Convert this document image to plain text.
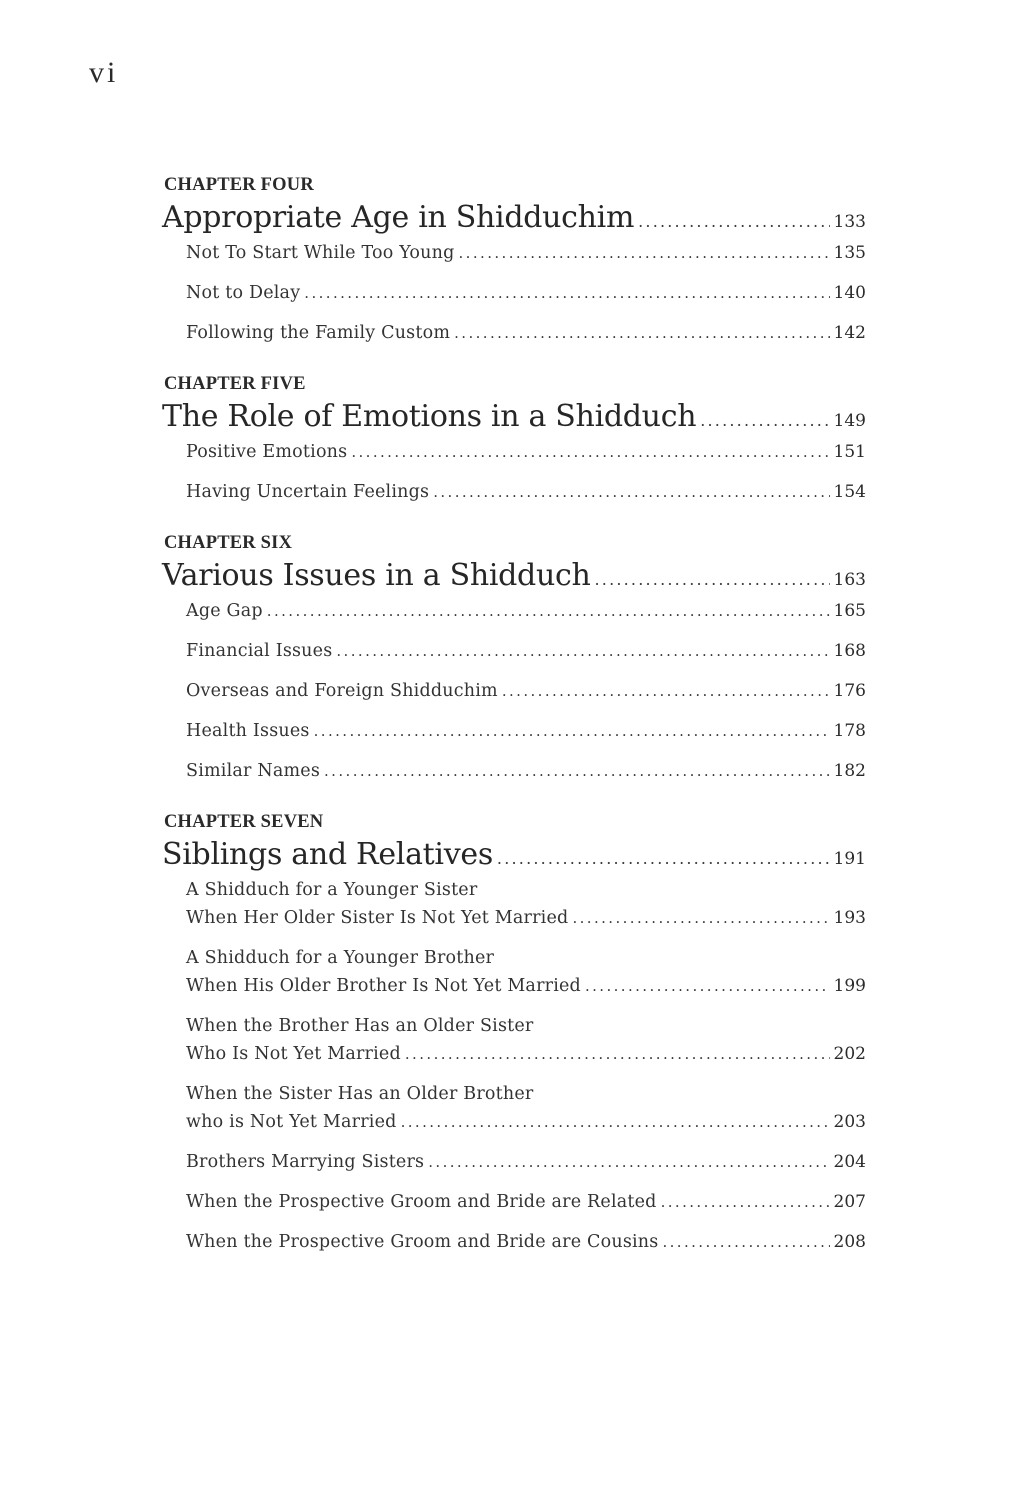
vi
CHAPTER FOUR
Appropriate Age in Shidduchim .....	133
Not To Start While Too Young .....	135
Not to Delay .....	140
Following the Family Custom .....	142
CHAPTER FIVE
The Role of Emotions in a Shidduch .....	149
Positive Emotions .....	151
Having Uncertain Feelings .....	154
CHAPTER SIX
Various Issues in a Shidduch .....	163
Age Gap .....	165
Financial Issues .....	168
Overseas and Foreign Shidduchim .....	176
Health Issues .....	178
Similar Names .....	182
CHAPTER SEVEN
Siblings and Relatives .....	191
A Shidduch for a Younger Sister
When Her Older Sister Is Not Yet Married .....	193
A Shidduch for a Younger Brother
When His Older Brother Is Not Yet Married .....	199
When the Brother Has an Older Sister
Who Is Not Yet Married .....	202
When the Sister Has an Older Brother
who is Not Yet Married .....	203
Brothers Marrying Sisters .....	204
When the Prospective Groom and Bride are Related .....	207
When the Prospective Groom and Bride are Cousins .....	208
